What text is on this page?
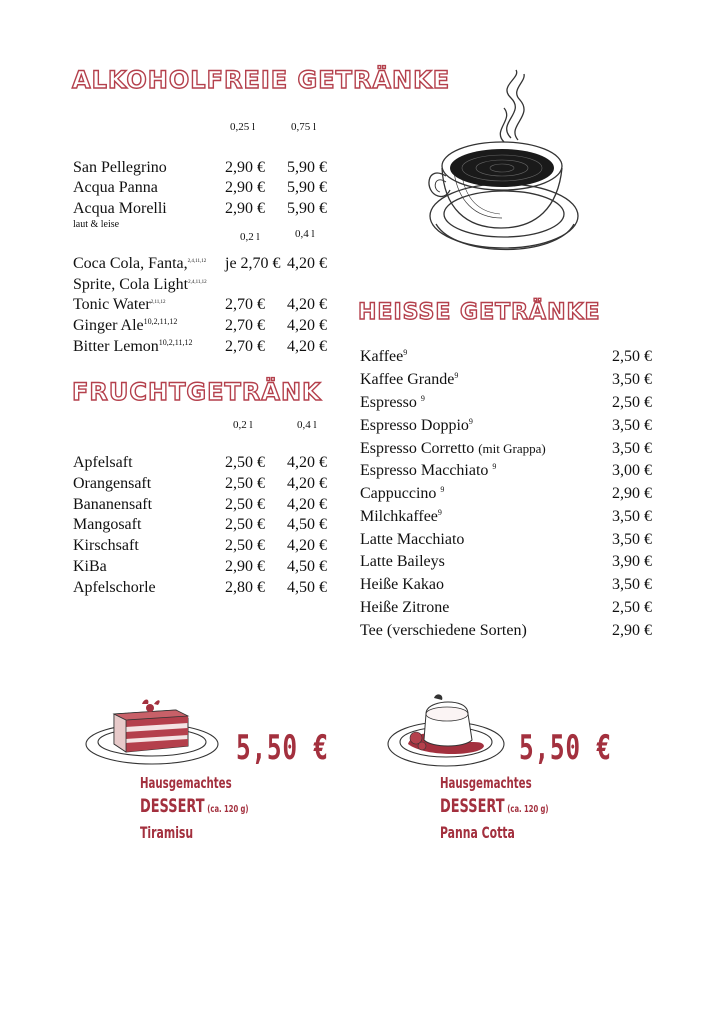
ALKOHOLFREIE GETRÄNKE
0,25 l	0,75 l
San Pellegrino	2,90 € 5,90 €
Acqua Panna	2,90 € 5,90 €
Acqua Morelli	2,90 € 5,90 €
laut & leise
0,2 l	0,4 l
Coca Cola, Fanta,$^{2,4,11,12}$ je 2,70 € 4,20 €
Sprite, Cola Light$^{2,4,11,12}$
Tonic Water$^{2,11,12}$	2,70 € 4,20 €
Ginger Ale$^{10,2,11,12}$	2,70 € 4,20 €
Bitter Lemon$^{10,2,11,12}$ 2,70 € 4,20 €
FRUCHTGETRÄNK
0,2 l	0,4 l
Apfelsaft	2,50 € 4,20 €
Orangensaft	2,50 € 4,20 €
Bananensaft	2,50 € 4,20 €
Mangosaft	2,50 € 4,50 €
Kirschsaft	2,50 € 4,20 €
KiBa	2,90 € 4,50 €
Apfelschorle	2,80 € 4,50 €
HEISSE GETRÄNKE
Kaffee$^9$	2,50 €
Kaffee Grande$^9$	3,50 €
Espresso $^9$	2,50 €
Espresso Doppio$^9$	3,50 €
Espresso Corretto (mit Grappa)	3,50 €
Espresso Macchiato $^9$	3,00 €
Cappuccino $^9$	2,90 €
Milchkaffee$^9$	3,50 €
Latte Macchiato	3,50 €
Latte Baileys	3,90 €
Heiße Kakao	3,50 €
Heiße Zitrone	2,50 €
Tee (verschiedene Sorten)	2,90 €
5,50 €
Hausgemachtes
DESSERT (ca. 120 g)
Tiramisu
5,50 €
Hausgemachtes
DESSERT (ca. 120 g)
Panna Cotta
